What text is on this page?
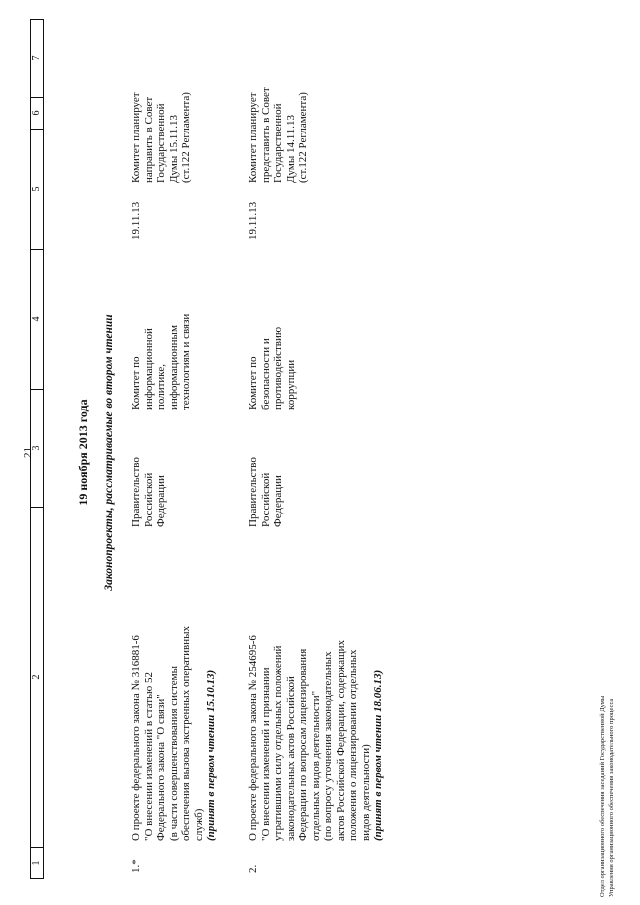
21
1
2
3
4
5
6
7
19 ноября 2013 года Законопроекты, рассматриваемые во втором чтении
1.*
О проекте федерального закона № 316881-6 "О внесении изменений в статью 52 Федерального закона "О связи" (в части совершенствования системы обеспечения вызова экстренных оперативных служб) (принят в первом чтении 15.10.13)
Правительство Российской Федерации
Комитет по информационной политике, информационным технологиям и связи
19.11.13
Комитет планирует направить в Совет Государственной Думы 15.11.13 (ст.122 Регламента)
2.
О проекте федерального закона № 254695-6 "О внесении изменений и признании утратившими силу отдельных положений законодательных актов Российской Федерации по вопросам лицензирования отдельных видов деятельности" (по вопросу уточнения законодательных актов Российской Федерации, содержащих положения о лицензировании отдельных видов деятельности) (принят в первом чтении 18.06.13)
Правительство Российской Федерации
Комитет по безопасности и противодействию коррупции
19.11.13
Комитет планирует представить в Совет Государственной Думы 14.11.13 (ст.122 Регламента)
Отдел организационного обеспечения заседаний Государственной Думы Управления организационного обеспечения законодательного процесса
